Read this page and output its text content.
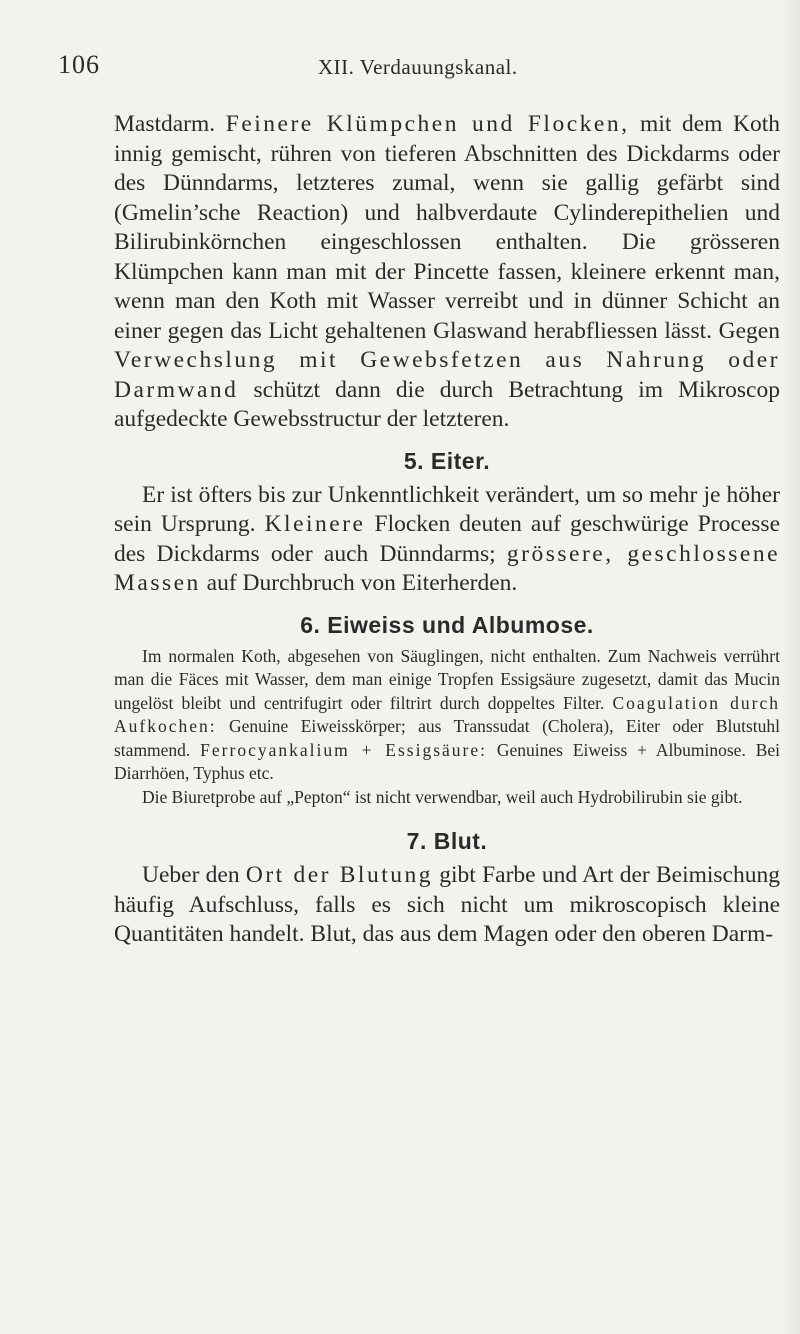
106	XII. Verdauungskanal.

Mastdarm. Feinere Klümpchen und Flocken, mit dem Koth innig gemischt, rühren von tieferen Abschnitten des Dickdarms oder des Dünndarms, letzteres zumal, wenn sie gallig gefärbt sind (Gmelin’sche Reaction) und halbverdaute Cylinderepithelien und Bilirubinkörnchen eingeschlossen enthalten. Die grösseren Klümpchen kann man mit der Pincette fassen, kleinere erkennt man, wenn man den Koth mit Wasser verreibt und in dünner Schicht an einer gegen das Licht gehaltenen Glaswand herabfliessen lässt. Gegen Verwechslung mit Gewebsfetzen aus Nahrung oder Darmwand schützt dann die durch Betrachtung im Mikroscop aufgedeckte Gewebsstructur der letzteren.

5. Eiter.

Er ist öfters bis zur Unkenntlichkeit verändert, um so mehr je höher sein Ursprung. Kleinere Flocken deuten auf geschwürige Processe des Dickdarms oder auch Dünndarms; grössere, geschlossene Massen auf Durchbruch von Eiterherden.

6. Eiweiss und Albumose.

Im normalen Koth, abgesehen von Säuglingen, nicht enthalten. Zum Nachweis verrührt man die Fäces mit Wasser, dem man einige Tropfen Essigsäure zugesetzt, damit das Mucin ungelöst bleibt und centrifugirt oder filtrirt durch doppeltes Filter. Coagulation durch Aufkochen: Genuine Eiweisskörper; aus Transsudat (Cholera), Eiter oder Blutstuhl stammend. Ferrocyankalium + Essigsäure: Genuines Eiweiss + Albuminose. Bei Diarrhöen, Typhus etc.

Die Biuretprobe auf „Pepton“ ist nicht verwendbar, weil auch Hydrobilirubin sie gibt.

7. Blut.

Ueber den Ort der Blutung gibt Farbe und Art der Beimischung häufig Aufschluss, falls es sich nicht um mikroscopisch kleine Quantitäten handelt. Blut, das aus dem Magen oder den oberen Darm-
